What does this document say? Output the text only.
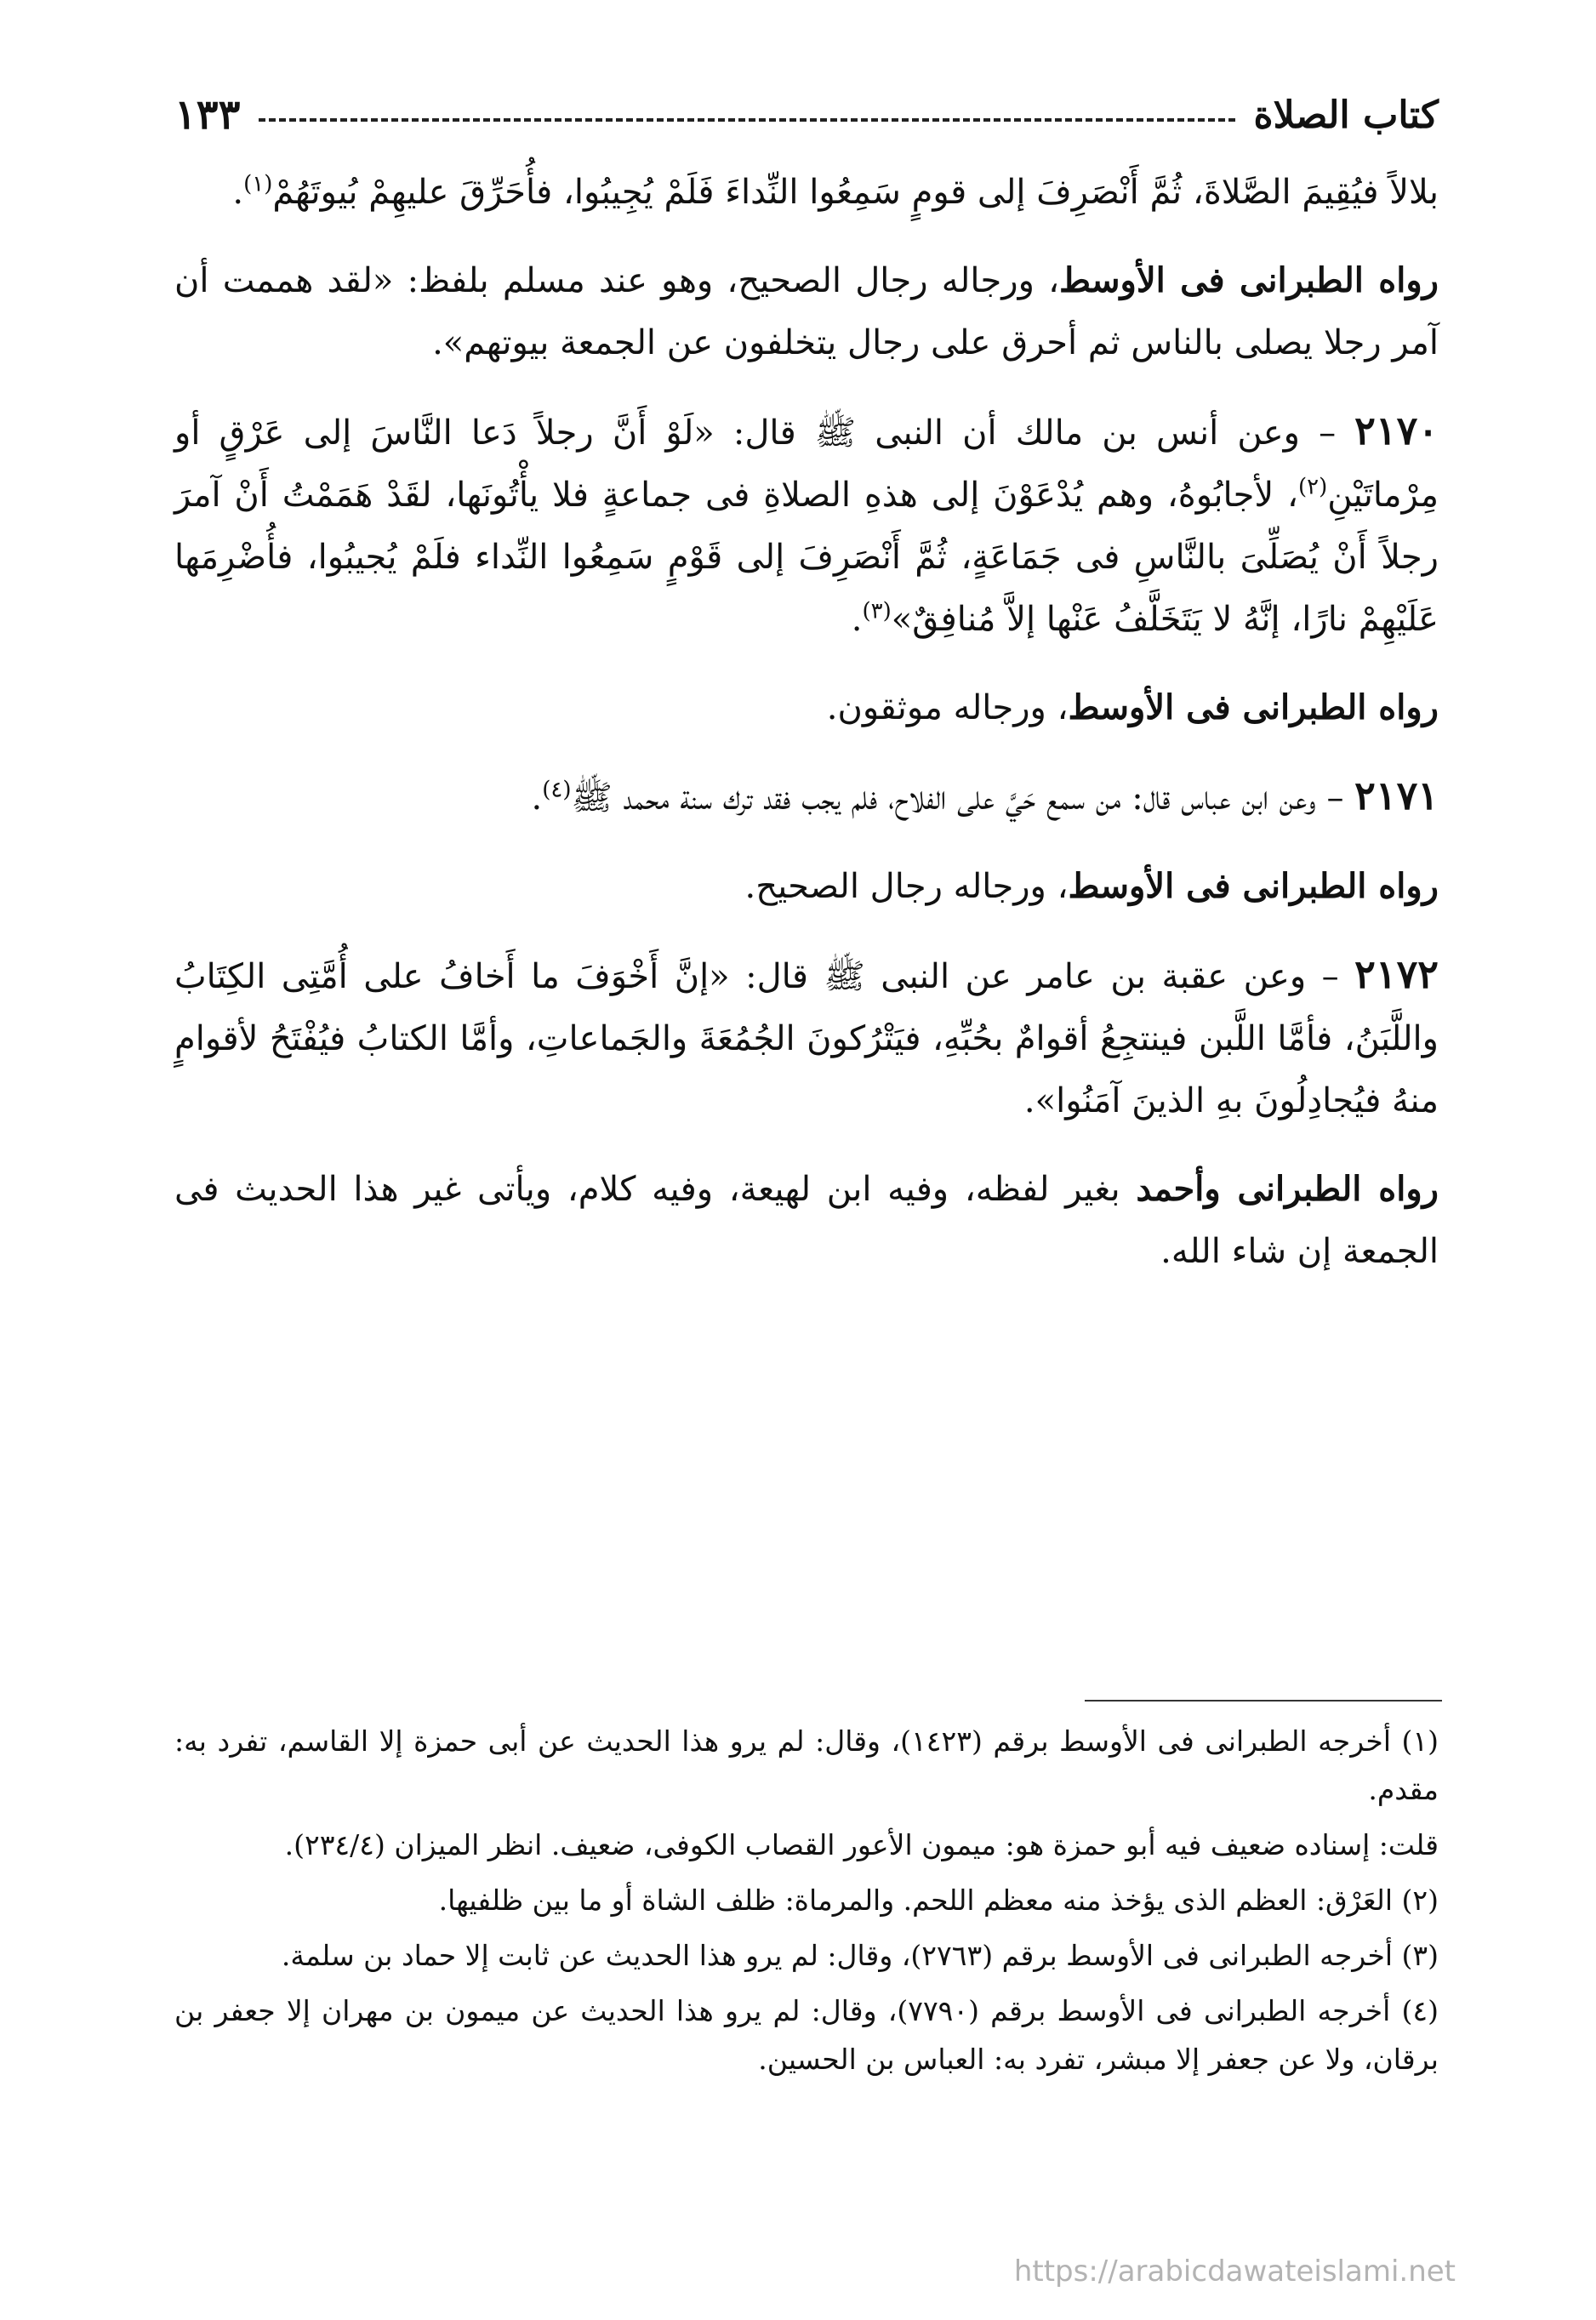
كتاب الصلاة
١٣٣

بلالاً فيُقِيمَ الصَّلاةَ، ثُمَّ أَنْصَرِفَ إلى قومٍ سَمِعُوا النِّداءَ فَلَمْ يُجِيبُوا، فأُحَرِّقَ عليهِمْ بُيوتَهُمْ$^{(١)}$.

رواه الطبرانى فى الأوسط، ورجاله رجال الصحيح، وهو عند مسلم بلفظ: «لقد هممت أن آمر رجلا يصلى بالناس ثم أحرق على رجال يتخلفون عن الجمعة بيوتهم».

٢١٧٠ – وعن أنس بن مالك أن النبى ﷺ قال: «لَوْ أَنَّ رجلاً دَعا النَّاسَ إلى عَرْقٍ أو مِرْماتَيْنِ$^{(٢)}$، لأجابُوهُ، وهم يُدْعَوْنَ إلى هذهِ الصلاةِ فى جماعةٍ فلا يأْتُونَها، لقَدْ هَمَمْتُ أَنْ آمرَ رجلاً أَنْ يُصَلِّىَ بالنَّاسِ فى جَمَاعَةٍ، ثُمَّ أَنْصَرِفَ إلى قَوْمٍ سَمِعُوا النِّداء فلَمْ يُجيبُوا، فأُضْرِمَها عَلَيْهِمْ نارًا، إنَّهُ لا يَتَخَلَّفُ عَنْها إلاَّ مُنافِقٌ»$^{(٣)}$.

رواه الطبرانى فى الأوسط، ورجاله موثقون.

٢١٧١ – وعن ابن عباس قال: من سمع حَيَّ على الفلاح، فلم يجب فقد ترك سنة محمد ﷺ$^{(٤)}$.

رواه الطبرانى فى الأوسط، ورجاله رجال الصحيح.

٢١٧٢ – وعن عقبة بن عامر عن النبى ﷺ قال: «إنَّ أَخْوَفَ ما أَخافُ على أُمَّتِى الكِتَابُ واللَّبَنُ، فأمَّا اللَّبن فينتجِعُ أقوامٌ بحُبِّهِ، فيَتْرُكونَ الجُمُعَةَ والجَماعاتِ، وأمَّا الكتابُ فيُفْتَحُ لأقوامٍ منهُ فيُجادِلُونَ بهِ الذينَ آمَنُوا».

رواه الطبرانى وأحمد بغير لفظه، وفيه ابن لهيعة، وفيه كلام، ويأتى غير هذا الحديث فى الجمعة إن شاء الله.

(١) أخرجه الطبرانى فى الأوسط برقم (١٤٢٣)، وقال: لم يرو هذا الحديث عن أبى حمزة إلا القاسم، تفرد به: مقدم.

قلت: إسناده ضعيف فيه أبو حمزة هو: ميمون الأعور القصاب الكوفى، ضعيف. انظر الميزان (٢٣٤/٤).

(٢) العَرْق: العظم الذى يؤخذ منه معظم اللحم. والمرماة: ظلف الشاة أو ما بين ظلفيها.

(٣) أخرجه الطبرانى فى الأوسط برقم (٢٧٦٣)، وقال: لم يرو هذا الحديث عن ثابت إلا حماد بن سلمة.

(٤) أخرجه الطبرانى فى الأوسط برقم (٧٧٩٠)، وقال: لم يرو هذا الحديث عن ميمون بن مهران إلا جعفر بن برقان، ولا عن جعفر إلا مبشر، تفرد به: العباس بن الحسين.

https://arabicdawateislami.net
